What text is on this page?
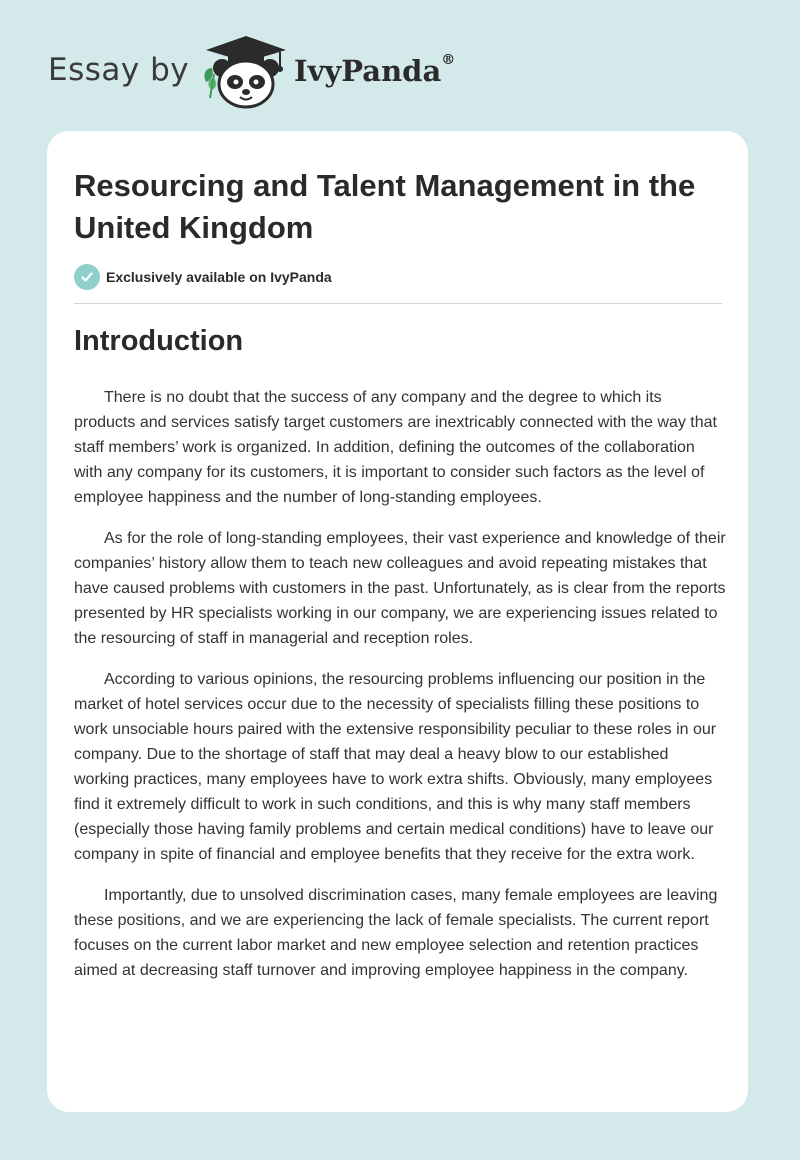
Essay by	IvyPanda®
Resourcing and Talent Management in the United Kingdom
Exclusively available on IvyPanda
Introduction

There is no doubt that the success of any company and the degree to which its products and services satisfy target customers are inextricably connected with the way that staff members’ work is organized. In addition, defining the outcomes of the collaboration with any company for its customers, it is important to consider such factors as the level of employee happiness and the number of long-standing employees.

As for the role of long-standing employees, their vast experience and knowledge of their companies’ history allow them to teach new colleagues and avoid repeating mistakes that have caused problems with customers in the past. Unfortunately, as is clear from the reports presented by HR specialists working in our company, we are experiencing issues related to the resourcing of staff in managerial and reception roles.

According to various opinions, the resourcing problems influencing our position in the market of hotel services occur due to the necessity of specialists filling these positions to work unsociable hours paired with the extensive responsibility peculiar to these roles in our company. Due to the shortage of staff that may deal a heavy blow to our established working practices, many employees have to work extra shifts. Obviously, many employees find it extremely difficult to work in such conditions, and this is why many staff members (especially those having family problems and certain medical conditions) have to leave our company in spite of financial and employee benefits that they receive for the extra work.

Importantly, due to unsolved discrimination cases, many female employees are leaving these positions, and we are experiencing the lack of female specialists. The current report focuses on the current labor market and new employee selection and retention practices aimed at decreasing staff turnover and improving employee happiness in the company.
